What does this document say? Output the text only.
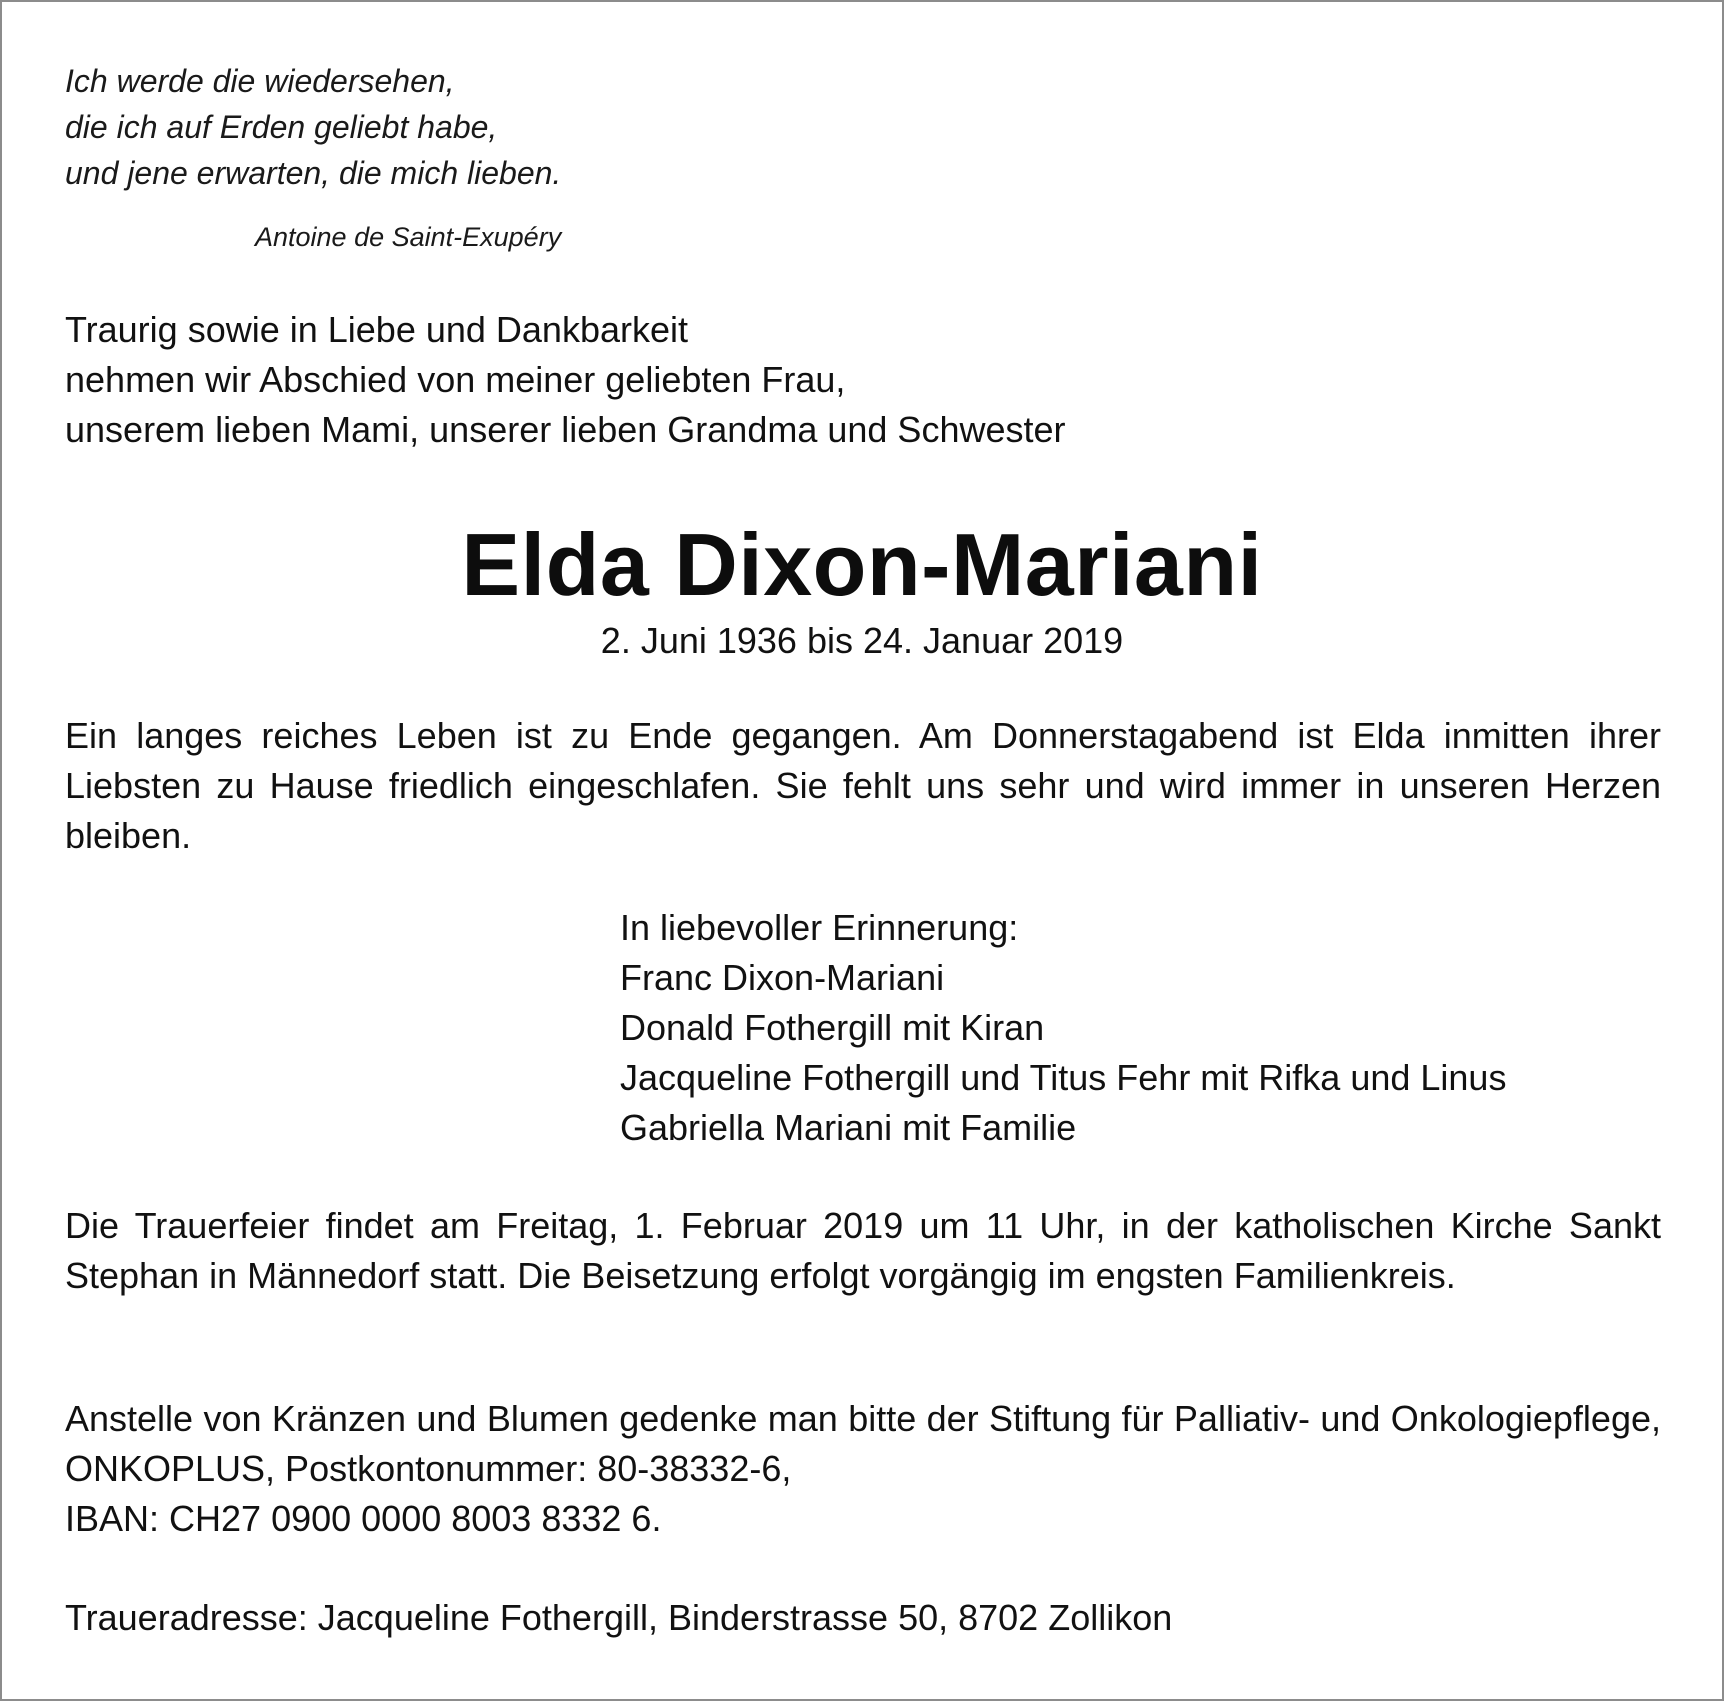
Ich werde die wiedersehen,
die ich auf Erden geliebt habe,
und jene erwarten, die mich lieben.
Antoine de Saint-Exupéry
Traurig sowie in Liebe und Dankbarkeit
nehmen wir Abschied von meiner geliebten Frau,
unserem lieben Mami, unserer lieben Grandma und Schwester
Elda Dixon-Mariani
2. Juni 1936 bis 24. Januar 2019
Ein langes reiches Leben ist zu Ende gegangen. Am Donnerstagabend ist Elda inmitten ihrer Liebsten zu Hause friedlich eingeschlafen. Sie fehlt uns sehr und wird immer in unseren Herzen bleiben.
In liebevoller Erinnerung:
Franc Dixon-Mariani
Donald Fothergill mit Kiran
Jacqueline Fothergill und Titus Fehr mit Rifka und Linus
Gabriella Mariani mit Familie
Die Trauerfeier findet am Freitag, 1. Februar 2019 um 11 Uhr, in der katholischen Kirche Sankt Stephan in Männedorf statt. Die Beisetzung erfolgt vorgängig im engsten Familienkreis.
Anstelle von Kränzen und Blumen gedenke man bitte der Stiftung für Palliativ- und Onkologiepflege, ONKOPLUS, Postkontonummer: 80-38332-6,
IBAN: CH27 0900 0000 8003 8332 6.
Traueradresse: Jacqueline Fothergill, Binderstrasse 50, 8702 Zollikon
